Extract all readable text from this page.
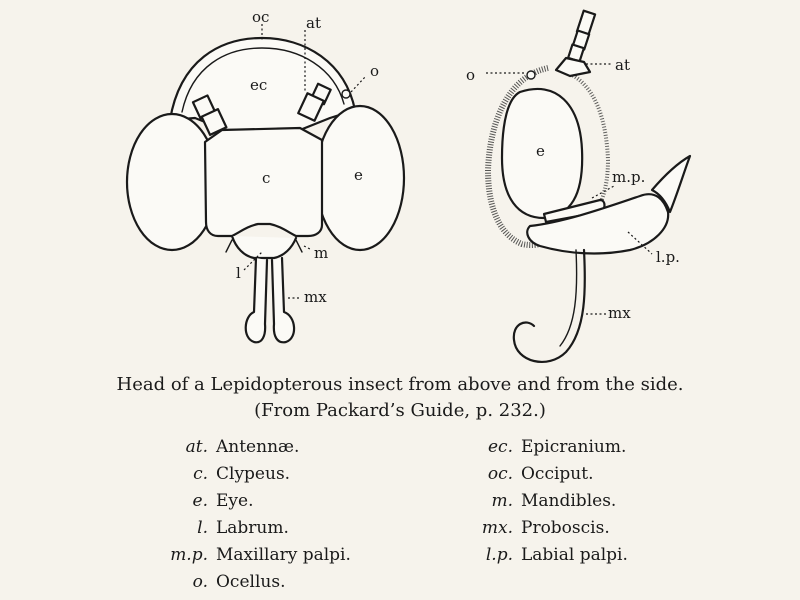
oc at
ec
o
c	e
l
m
mx
o
at
e
m.p.
l.p.
mx
Head of a Lepidopterous insect from above and from the side.
(From Packard’s Guide, p. 232.)
at. Antennæ.
c. Clypeus.
e. Eye.
l. Labrum.
m.p. Maxillary palpi.
o. Ocellus.
ec. Epicranium.
oc. Occiput.
m. Mandibles.
mx. Proboscis.
l.p. Labial palpi.
